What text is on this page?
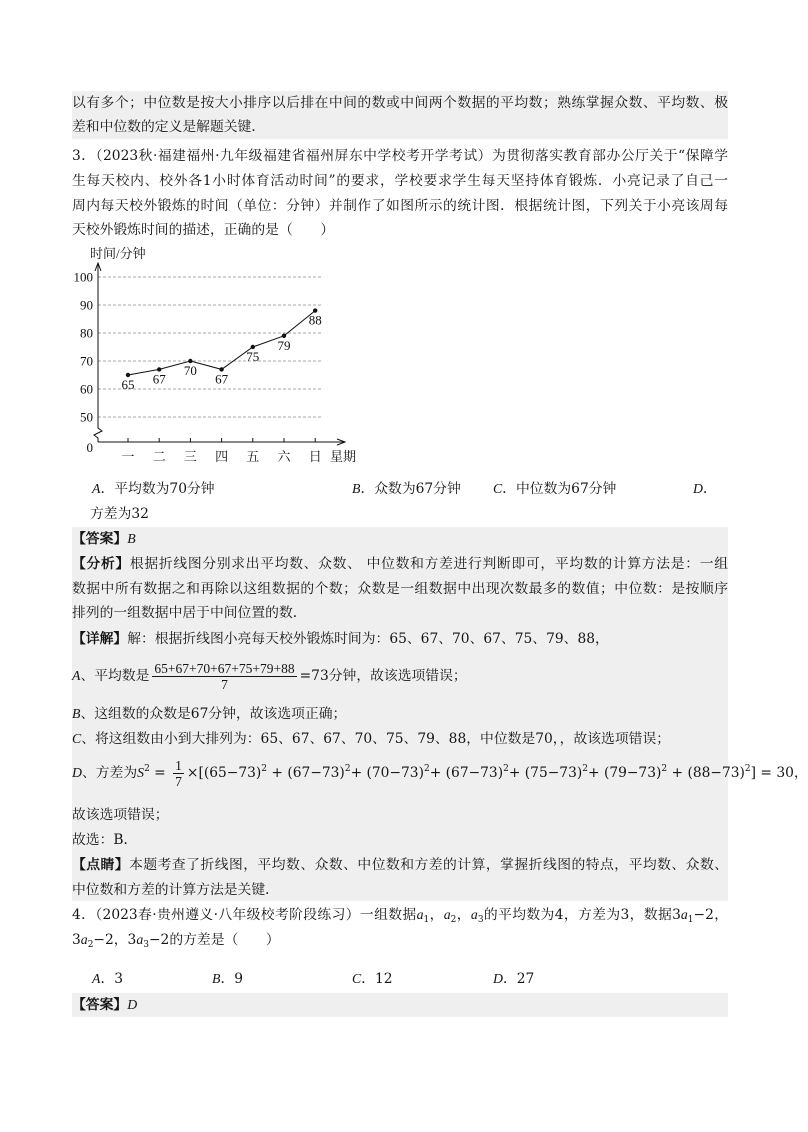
以有多个；中位数是按大小排序以后排在中间的数或中间两个数据的平均数；熟练掌握众数、平均数、极
差和中位数的定义是解题关键．
3．（2023秋·福建福州·九年级福建省福州屏东中学校考开学考试）为贯彻落实教育部办公厅关于“保障学
生每天校内、校外各1小时体育活动时间”的要求，学校要求学生每天坚持体育锻炼．小亮记录了自己一
周内每天校外锻炼的时间（单位：分钟）并制作了如图所示的统计图．根据统计图，下列关于小亮该周每
天校外锻炼时间的描述，正确的是（　　）
0
50
60
70
80
90
100
一 二 三 四 五 六 日 星期
时间/分钟
65 67
70
67
75
79
88
A．平均数为70分钟	B．众数为67分钟 C．中位数为67分钟	D．
方差为32
【答案】B
【分析】根据折线图分别求出平均数、众数、 中位数和方差进行判断即可，平均数的计算方法是：一组
数据中所有数据之和再除以这组数据的个数；众数是一组数据中出现次数最多的数值；中位数：是按顺序
排列的一组数据中居于中间位置的数．
【详解】解：根据折线图小亮每天校外锻炼时间为：65、67、70、67、75、79、88，
A、平均数是 $\frac{65+67+70+67+75+79+88}{7} =73$分钟，故该选项错误；
B、这组数的众数是67分钟，故该选项正确；
C、将这组数由小到大排列为：65、67、67、70、75、79、88，中位数是70，，故该选项错误；
D、方差为$S^2 = \frac{1}{7} \times[(65-73)^2 + (67-73)^2 + (70-73)^2 + (67-73)^2 + (75-73)^2 + (79-73)^2 + (88-73)^2] = 30$ ，
故该选项错误；
故选：B．
【点睛】本题考查了折线图，平均数、众数、中位数和方差的计算，掌握折线图的特点，平均数、众数、
中位数和方差的计算方法是关键．
4．（2023春·贵州遵义·八年级校考阶段练习）一组数据$a_1$，$a_2$，$a_3$的平均数为4，方差为3，数据$3a_1-2$，
$3a_2-2$，$3a_3-2$的方差是（　　）
A．3	B．9	C．12	D．27
【答案】D
